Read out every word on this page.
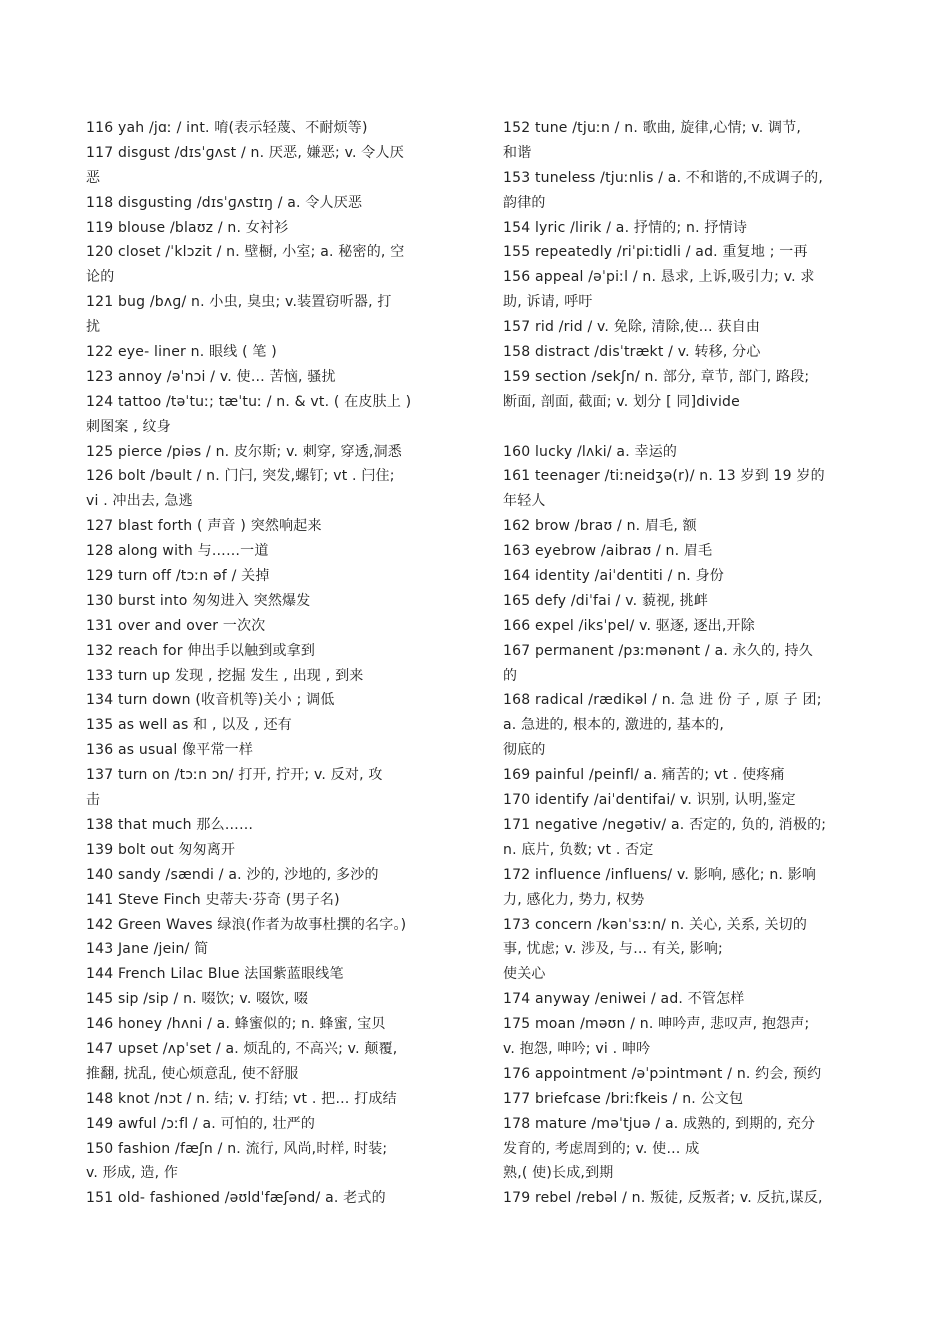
116 yah /jɑː / int. 唷(表示轻蔑、不耐烦等)
117 disgust /dɪsˈɡʌst / n. 厌恶, 嫌恶; v. 令人厌
恶
118 disgusting /dɪsˈɡʌstɪŋ / a. 令人厌恶
119 blouse /blaʊz / n. 女衬衫
120 closet /ˈklɔzit / n. 壁橱, 小室; a. 秘密的, 空
论的
121 bug /bʌɡ/ n. 小虫, 臭虫; v.装置窃听器, 打
扰
122 eye- liner n. 眼线 ( 笔 )
123 annoy /əˈnɔi / v. 使… 苦恼, 骚扰
124 tattoo /təˈtuː; tæˈtuː / n. & vt. ( 在皮肤上 )
刺图案 , 纹身
125 pierce /piəs / n. 皮尔斯; v. 刺穿, 穿透,洞悉
126 bolt /bəult / n. 门闩, 突发,螺钉; vt . 闩住;
vi . 冲出去, 急逃
127 blast forth ( 声音 ) 突然响起来
128 along with 与……一道
129 turn off /tɔːn əf / 关掉
130 burst into 匆匆进入 突然爆发
131 over and over 一次次
132 reach for 伸出手以触到或拿到
133 turn up 发现 , 挖掘 发生 , 出现 , 到来
134 turn down (收音机等)关小 ; 调低
135 as well as 和 , 以及 , 还有
136 as usual 像平常一样
137 turn on /tɔːn ɔn/ 打开, 拧开; v. 反对, 攻
击
138 that much 那么……
139 bolt out 匆匆离开
140 sandy /sændi / a. 沙的, 沙地的, 多沙的
141 Steve Finch 史蒂夫·芬奇 (男子名)
142 Green Waves 绿浪(作者为故事杜撰的名字。)
143 Jane /jein/ 简
144 French Lilac Blue 法国紫蓝眼线笔
145 sip /sip / n. 啜饮; v. 啜饮, 啜
146 honey /hʌni / a. 蜂蜜似的; n. 蜂蜜, 宝贝
147 upset /ʌpˈset / a. 烦乱的, 不高兴; v. 颠覆,
推翻, 扰乱, 使心烦意乱, 使不舒服
148 knot /nɔt / n. 结; v. 打结; vt . 把… 打成结
149 awful /ɔːfl / a. 可怕的, 壮严的
150 fashion /fæʃn / n. 流行, 风尚,时样, 时装;
v. 形成, 造, 作
151 old- fashioned /əʊldˈfæʃənd/ a. 老式的
152 tune /tjuːn / n. 歌曲, 旋律,心情; v. 调节,
和谐
153 tuneless /tjuːnlis / a. 不和谐的,不成调子的,
韵律的
154 lyric /lirik / a. 抒情的; n. 抒情诗
155 repeatedly /riˈpiːtidli / ad. 重复地 ; 一再
156 appeal /əˈpiːl / n. 恳求, 上诉,吸引力; v. 求
助, 诉请, 呼吁
157 rid /rid / v. 免除, 清除,使… 获自由
158 distract /disˈtrækt / v. 转移, 分心
159 section /sekʃn/ n. 部分, 章节, 部门, 路段;
断面, 剖面, 截面; v. 划分 [ 同]divide
160 lucky /lʌki/ a. 幸运的
161 teenager /tiːneidʒə(r)/ n. 13 岁到 19 岁的
年轻人
162 brow /braʊ / n. 眉毛, 额
163 eyebrow /aibraʊ / n. 眉毛
164 identity /aiˈdentiti / n. 身份
165 defy /diˈfai / v. 藐视, 挑衅
166 expel /iksˈpel/ v. 驱逐, 逐出,开除
167 permanent /pɜːmənənt / a. 永久的, 持久
的
168 radical /rædikəl / n. 急 进 份 子 , 原 子 团;
a. 急进的, 根本的, 激进的, 基本的,
彻底的
169 painful /peinfl/ a. 痛苦的; vt . 使疼痛
170 identify /aiˈdentifai/ v. 识别, 认明,鉴定
171 negative /negətiv/ a. 否定的, 负的, 消极的;
n. 底片, 负数; vt . 否定
172 influence /influens/ v. 影响, 感化; n. 影响
力, 感化力, 势力, 权势
173 concern /kənˈsɜːn/ n. 关心, 关系, 关切的
事, 忧虑; v. 涉及, 与… 有关, 影响;
使关心
174 anyway /eniwei / ad. 不管怎样
175 moan /məʊn / n. 呻吟声, 悲叹声, 抱怨声;
v. 抱怨, 呻吟; vi . 呻吟
176 appointment /əˈpɔintmənt / n. 约会, 预约
177 briefcase /briːfkeis / n. 公文包
178 mature /məˈtjuə / a. 成熟的, 到期的, 充分
发育的, 考虑周到的; v. 使… 成
熟,( 使)长成,到期
179 rebel /rebəl / n. 叛徒, 反叛者; v. 反抗,谋反,
